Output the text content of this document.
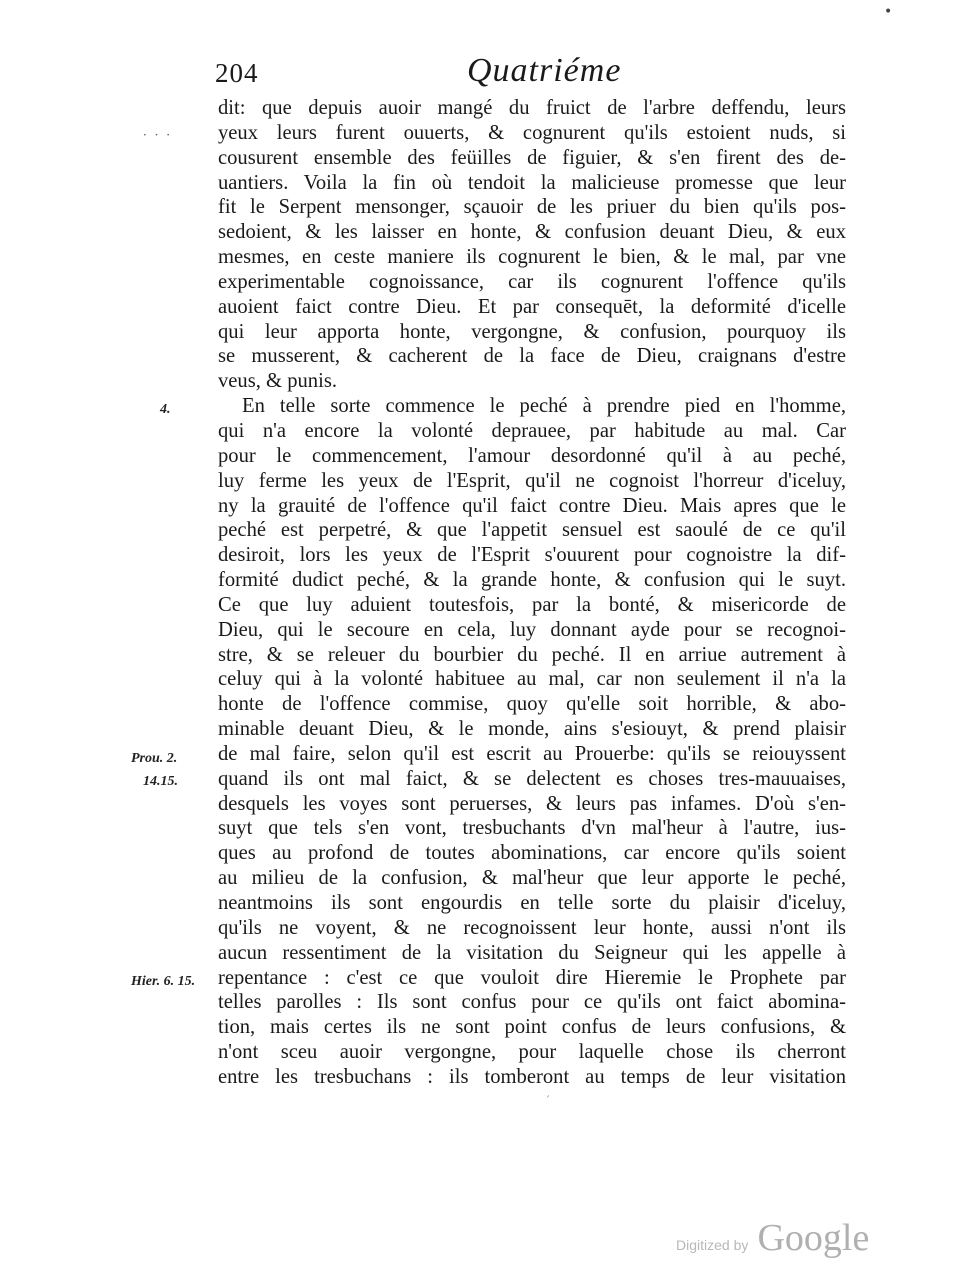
204	Quatriéme
•
· · ·
4.
Prou. 2.
14.15.
Hier. 6. 15.
dit: que depuis auoir mangé du fruict de l'arbre deffendu, leurs
yeux leurs furent ouuerts, & cognurent qu'ils estoient nuds, si
cousurent ensemble des feüilles de figuier, & s'en firent des de-
uantiers. Voila la fin où tendoit la malicieuse promesse que leur
fit le Serpent mensonger, sçauoir de les priuer du bien qu'ils pos-
sedoient, & les laisser en honte, & confusion deuant Dieu, & eux
mesmes, en ceste maniere ils cognurent le bien, & le mal, par vne
experimentable cognoissance, car ils cognurent l'offence qu'ils
auoient faict contre Dieu. Et par consequēt, la deformité d'icelle
qui leur apporta honte, vergongne, & confusion, pourquoy ils
se musserent, & cacherent de la face de Dieu, craignans d'estre
veus, & punis.
En telle sorte commence le peché à prendre pied en l'homme,
qui n'a encore la volonté deprauee, par habitude au mal. Car
pour le commencement, l'amour desordonné qu'il à au peché,
luy ferme les yeux de l'Esprit, qu'il ne cognoist l'horreur d'iceluy,
ny la grauité de l'offence qu'il faict contre Dieu. Mais apres que le
peché est perpetré, & que l'appetit sensuel est saoulé de ce qu'il
desiroit, lors les yeux de l'Esprit s'ouurent pour cognoistre la dif-
formité dudict peché, & la grande honte, & confusion qui le suyt.
Ce que luy aduient toutesfois, par la bonté, & misericorde de
Dieu, qui le secoure en cela, luy donnant ayde pour se recognoi-
stre, & se releuer du bourbier du peché. Il en arriue autrement à
celuy qui à la volonté habituee au mal, car non seulement il n'a la
honte de l'offence commise, quoy qu'elle soit horrible, & abo-
minable deuant Dieu, & le monde, ains s'esiouyt, & prend plaisir
de mal faire, selon qu'il est escrit au Prouerbe: qu'ils se reiouyssent
quand ils ont mal faict, & se delectent es choses tres-mauuaises,
desquels les voyes sont peruerses, & leurs pas infames. D'où s'en-
suyt que tels s'en vont, tresbuchants d'vn mal'heur à l'autre, ius-
ques au profond de toutes abominations, car encore qu'ils soient
au milieu de la confusion, & mal'heur que leur apporte le peché,
neantmoins ils sont engourdis en telle sorte du plaisir d'iceluy,
qu'ils ne voyent, & ne recognoissent leur honte, aussi n'ont ils
aucun ressentiment de la visitation du Seigneur qui les appelle à
repentance : c'est ce que vouloit dire Hieremie le Prophete par
telles parolles : Ils sont confus pour ce qu'ils ont faict abomina-
tion, mais certes ils ne sont point confus de leurs confusions, &
n'ont sceu auoir vergongne, pour laquelle chose ils cherront
entre les tresbuchans : ils tomberont au temps de leur visitation
´
Digitized by Google
